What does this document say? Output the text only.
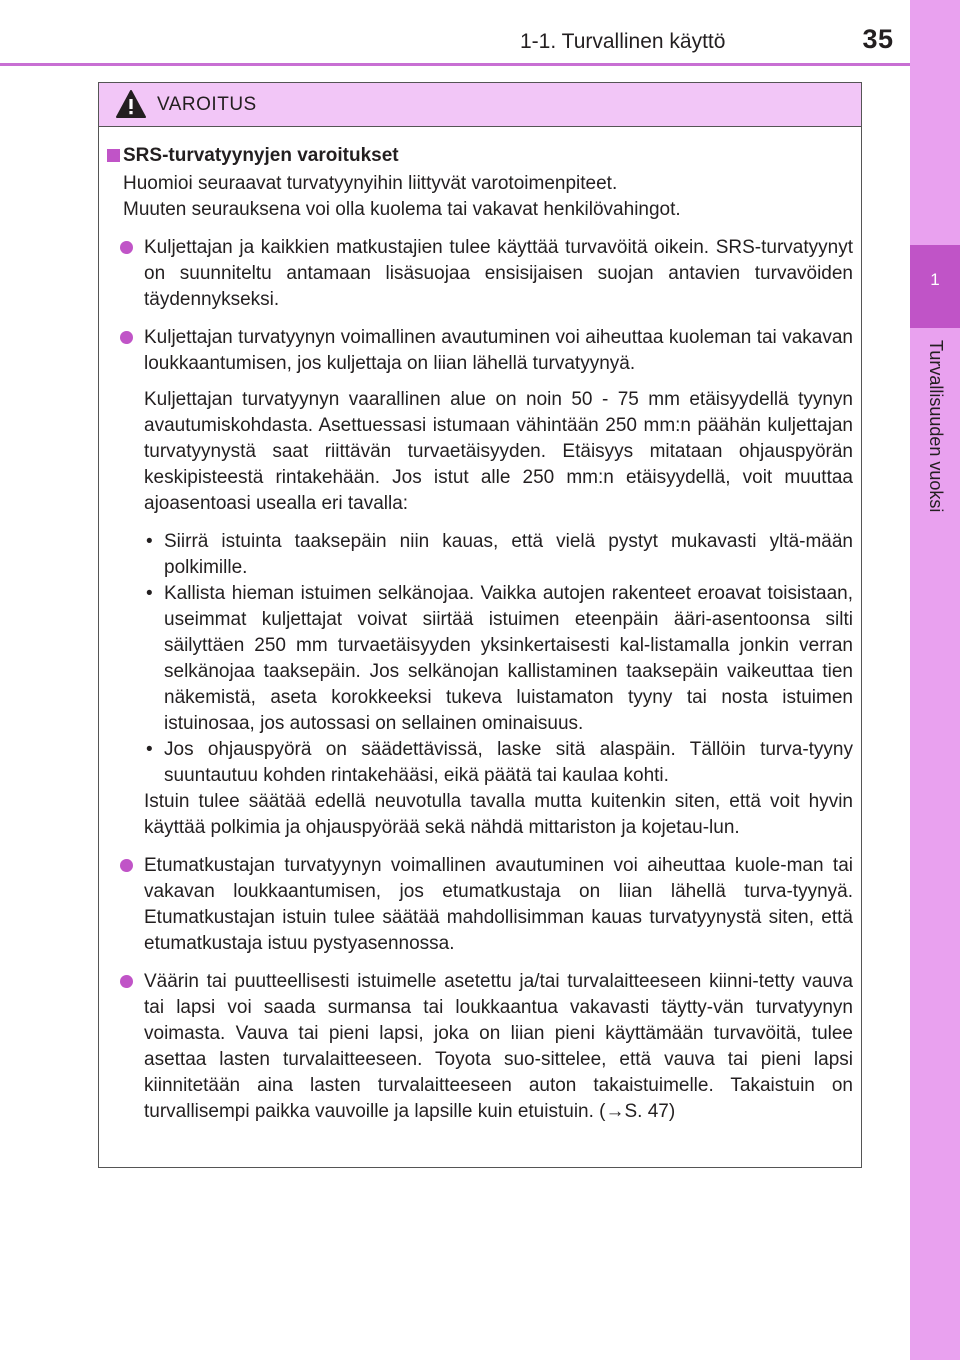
1-1. Turvallinen käyttö	35
1
Turvallisuuden vuoksi
VAROITUS
SRS-turvatyynyjen varoitukset
Huomioi seuraavat turvatyynyihin liittyvät varotoimenpiteet.
Muuten seurauksena voi olla kuolema tai vakavat henkilövahingot.
Kuljettajan ja kaikkien matkustajien tulee käyttää turvavöitä oikein. SRS-turvatyynyt on suunniteltu antamaan lisäsuojaa ensisijaisen suojan antavien turvavöiden täydennykseksi.
Kuljettajan turvatyynyn voimallinen avautuminen voi aiheuttaa kuoleman tai vakavan loukkaantumisen, jos kuljettaja on liian lähellä turvatyynyä.
Kuljettajan turvatyynyn vaarallinen alue on noin 50 - 75 mm etäisyydellä tyynyn avautumiskohdasta. Asettuessasi istumaan vähintään 250 mm:n päähän kuljettajan turvatyynystä saat riittävän turvaetäisyyden. Etäisyys mitataan ohjauspyörän keskipisteestä rintakehään. Jos istut alle 250 mm:n etäisyydellä, voit muuttaa ajoasentoasi usealla eri tavalla:
• Siirrä istuinta taaksepäin niin kauas, että vielä pystyt mukavasti yltä-mään polkimille.
• Kallista hieman istuimen selkänojaa. Vaikka autojen rakenteet eroavat toisistaan, useimmat kuljettajat voivat siirtää istuimen eteenpäin ääri-asentoonsa silti säilyttäen 250 mm turvaetäisyyden yksinkertaisesti kal-listamalla jonkin verran selkänojaa taaksepäin. Jos selkänojan kallistaminen taaksepäin vaikeuttaa tien näkemistä, aseta korokkeeksi tukeva luistamaton tyyny tai nosta istuimen istuinosaa, jos autossasi on sellainen ominaisuus.
• Jos ohjauspyörä on säädettävissä, laske sitä alaspäin. Tällöin turva-tyyny suuntautuu kohden rintakehääsi, eikä päätä tai kaulaa kohti.
Istuin tulee säätää edellä neuvotulla tavalla mutta kuitenkin siten, että voit hyvin käyttää polkimia ja ohjauspyörää sekä nähdä mittariston ja kojetau-lun.
Etumatkustajan turvatyynyn voimallinen avautuminen voi aiheuttaa kuole-man tai vakavan loukkaantumisen, jos etumatkustaja on liian lähellä turva-tyynyä. Etumatkustajan istuin tulee säätää mahdollisimman kauas turvatyynystä siten, että etumatkustaja istuu pystyasennossa.
Väärin tai puutteellisesti istuimelle asetettu ja/tai turvalaitteeseen kiinni-tetty vauva tai lapsi voi saada surmansa tai loukkaantua vakavasti täytty-vän turvatyynyn voimasta. Vauva tai pieni lapsi, joka on liian pieni käyttämään turvavöitä, tulee asettaa lasten turvalaitteeseen. Toyota suo-sittelee, että vauva tai pieni lapsi kiinnitetään aina lasten turvalaitteeseen auton takaistuimelle. Takaistuin on turvallisempi paikka vauvoille ja lapsille kuin etuistuin. (→S. 47)
